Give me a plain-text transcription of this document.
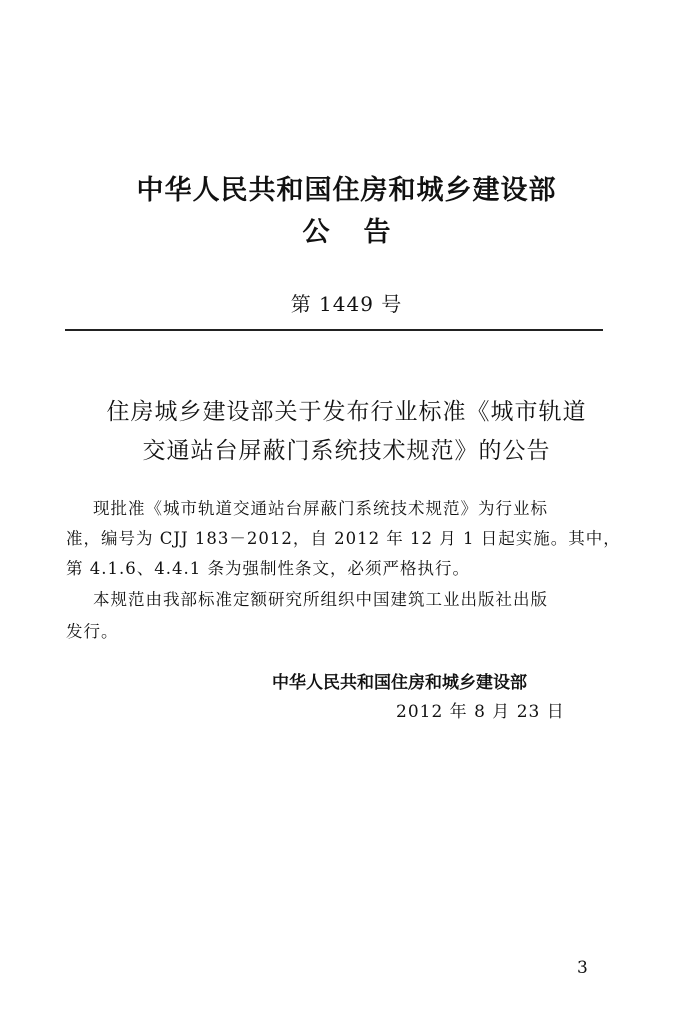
中华人民共和国住房和城乡建设部
公告
第 1449 号
住房城乡建设部关于发布行业标准《城市轨道
交通站台屏蔽门系统技术规范》的公告
现批准《城市轨道交通站台屏蔽门系统技术规范》为行业标
准，编号为 CJJ 183－2012，自 2012 年 12 月 1 日起实施。其中，
第 4.1.6、4.4.1 条为强制性条文，必须严格执行。
本规范由我部标准定额研究所组织中国建筑工业出版社出版
发行。
中华人民共和国住房和城乡建设部
2012 年 8 月 23 日
3
